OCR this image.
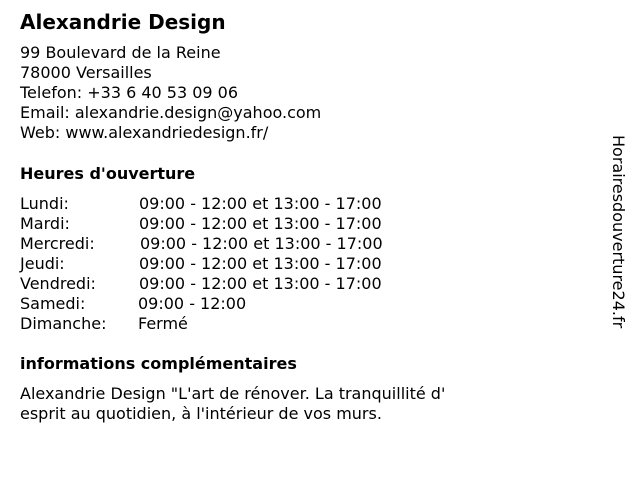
Alexandrie Design
99 Boulevard de la Reine
78000 Versailles
Telefon: +33 6 40 53 09 06
Email: alexandrie.design@yahoo.com
Web: www.alexandriedesign.fr/
Heures d'ouverture
Lundi:	09:00 - 12:00 et 13:00 - 17:00
Mardi:	09:00 - 12:00 et 13:00 - 17:00
Mercredi:	09:00 - 12:00 et 13:00 - 17:00
Jeudi:	09:00 - 12:00 et 13:00 - 17:00
Vendredi:	09:00 - 12:00 et 13:00 - 17:00
Samedi:	09:00 - 12:00
Dimanche: Fermé
informations complémentaires
Alexandrie Design "L'art de rénover. La tranquillité d' esprit au quotidien, à l'intérieur de vos murs.
Horairesdouverture24.fr
